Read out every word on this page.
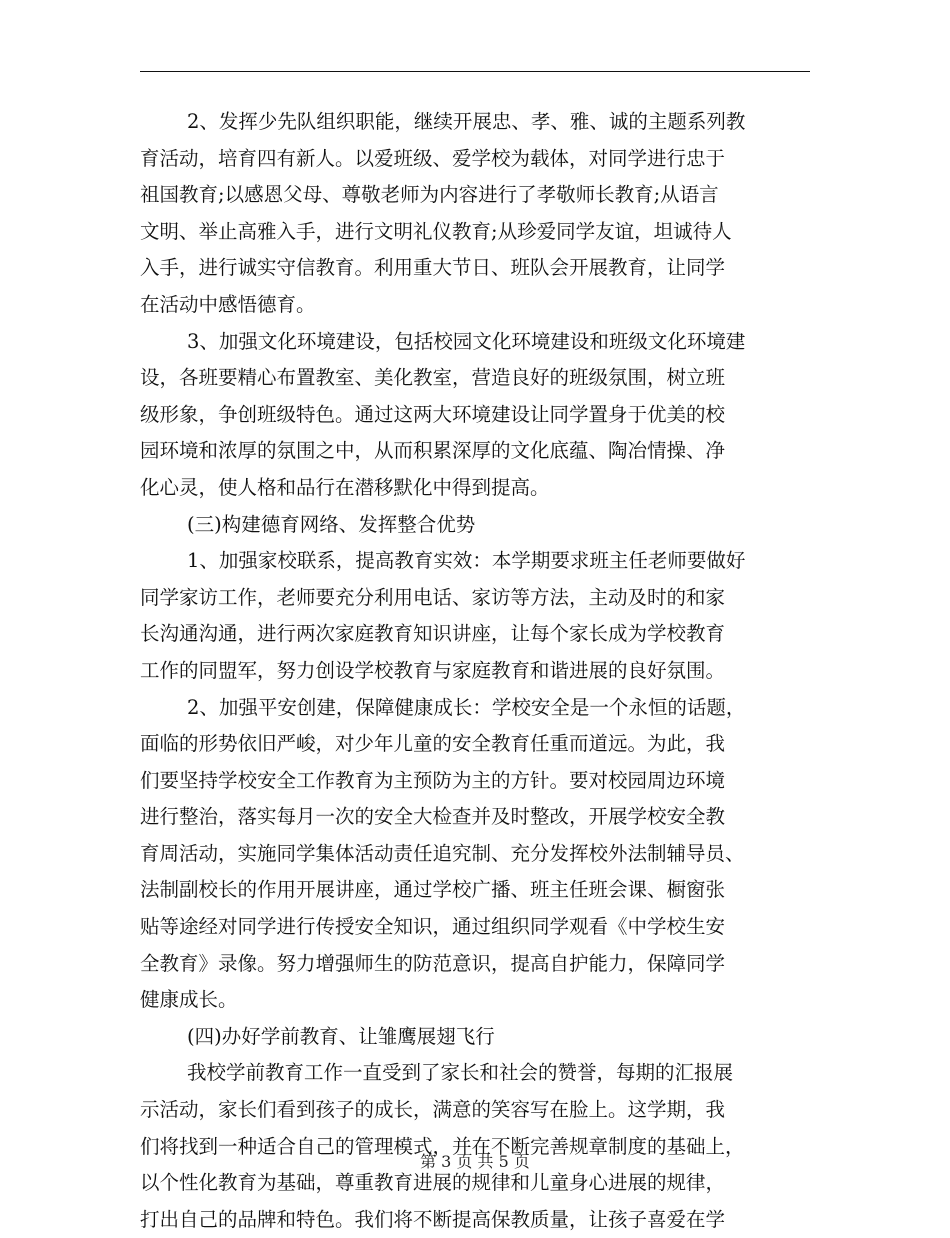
2、发挥少先队组织职能，继续开展忠、孝、雅、诚的主题系列教
育活动，培育四有新人。以爱班级、爱学校为载体，对同学进行忠于
祖国教育;以感恩父母、尊敬老师为内容进行了孝敬师长教育;从语言
文明、举止高雅入手，进行文明礼仪教育;从珍爱同学友谊，坦诚待人
入手，进行诚实守信教育。利用重大节日、班队会开展教育，让同学
在活动中感悟德育。
3、加强文化环境建设，包括校园文化环境建设和班级文化环境建
设，各班要精心布置教室、美化教室，营造良好的班级氛围，树立班
级形象，争创班级特色。通过这两大环境建设让同学置身于优美的校
园环境和浓厚的氛围之中，从而积累深厚的文化底蕴、陶冶情操、净
化心灵，使人格和品行在潜移默化中得到提高。
(三)构建德育网络、发挥整合优势
1、加强家校联系，提高教育实效：本学期要求班主任老师要做好
同学家访工作，老师要充分利用电话、家访等方法，主动及时的和家
长沟通沟通，进行两次家庭教育知识讲座，让每个家长成为学校教育
工作的同盟军，努力创设学校教育与家庭教育和谐进展的良好氛围。
2、加强平安创建，保障健康成长：学校安全是一个永恒的话题，
面临的形势依旧严峻，对少年儿童的安全教育任重而道远。为此，我
们要坚持学校安全工作教育为主预防为主的方针。要对校园周边环境
进行整治，落实每月一次的安全大检查并及时整改，开展学校安全教
育周活动，实施同学集体活动责任追究制、充分发挥校外法制辅导员、
法制副校长的作用开展讲座，通过学校广播、班主任班会课、橱窗张
贴等途经对同学进行传授安全知识，通过组织同学观看《中学校生安
全教育》录像。努力增强师生的防范意识，提高自护能力，保障同学
健康成长。
(四)办好学前教育、让雏鹰展翅飞行
我校学前教育工作一直受到了家长和社会的赞誉，每期的汇报展
示活动，家长们看到孩子的成长，满意的笑容写在脸上。这学期，我
们将找到一种适合自己的管理模式，并在不断完善规章制度的基础上，
以个性化教育为基础，尊重教育进展的规律和儿童身心进展的规律，
打出自己的品牌和特色。我们将不断提高保教质量，让孩子喜爱在学
第 3 页 共 5 页
